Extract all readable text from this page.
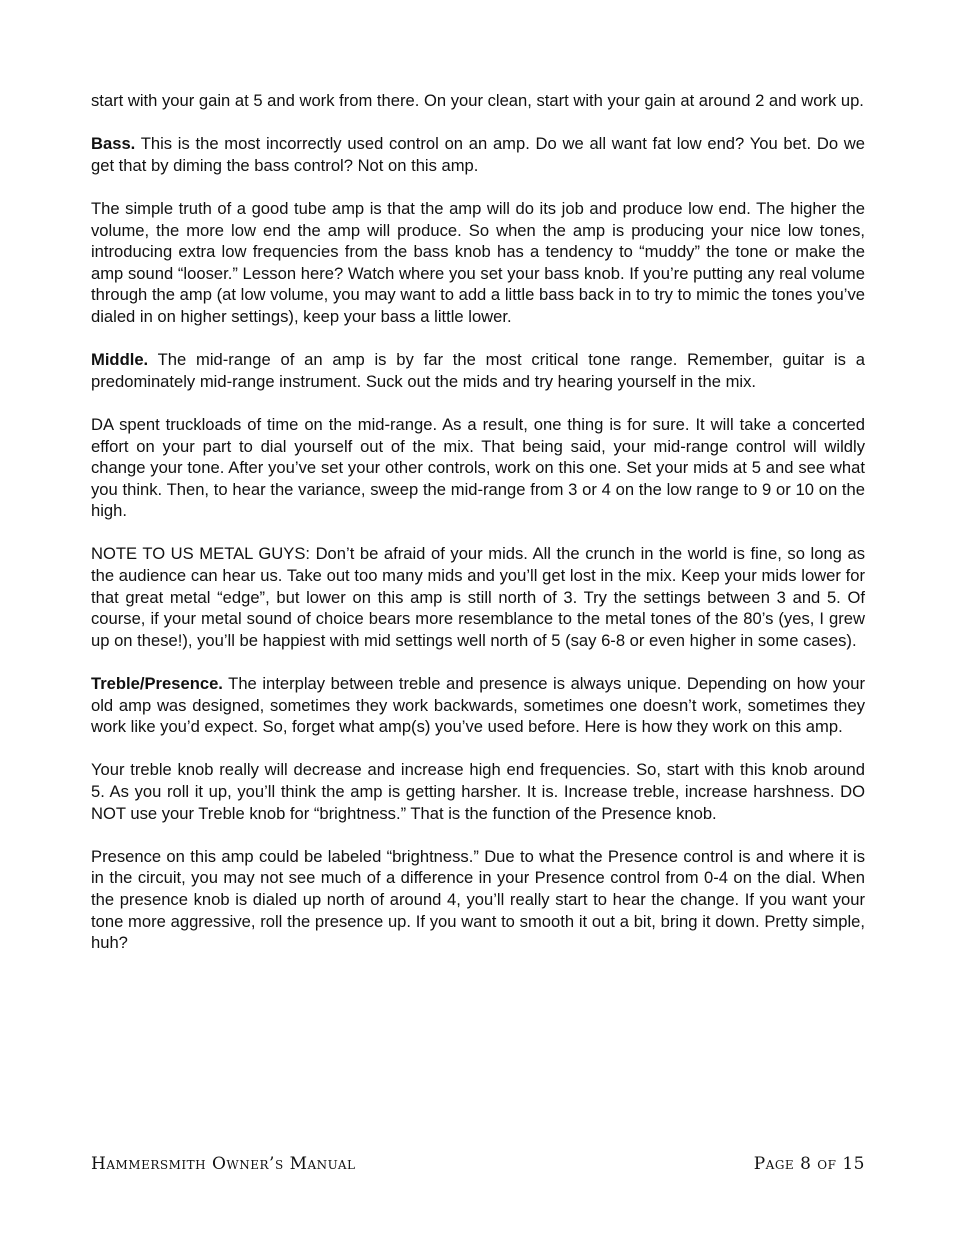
start with your gain at 5 and work from there. On your clean, start with your gain at around 2 and work up.

Bass. This is the most incorrectly used control on an amp. Do we all want fat low end? You bet. Do we get that by diming the bass control? Not on this amp.

The simple truth of a good tube amp is that the amp will do its job and produce low end. The higher the volume, the more low end the amp will produce. So when the amp is producing your nice low tones, introducing extra low frequencies from the bass knob has a tendency to “muddy” the tone or make the amp sound “looser.” Lesson here? Watch where you set your bass knob. If you’re putting any real volume through the amp (at low volume, you may want to add a little bass back in to try to mimic the tones you’ve dialed in on higher settings), keep your bass a little lower.

Middle. The mid-range of an amp is by far the most critical tone range. Remember, guitar is a predominately mid-range instrument. Suck out the mids and try hearing yourself in the mix.

DA spent truckloads of time on the mid-range. As a result, one thing is for sure. It will take a concerted effort on your part to dial yourself out of the mix. That being said, your mid-range control will wildly change your tone. After you’ve set your other controls, work on this one. Set your mids at 5 and see what you think. Then, to hear the variance, sweep the mid-range from 3 or 4 on the low range to 9 or 10 on the high.

NOTE TO US METAL GUYS: Don’t be afraid of your mids. All the crunch in the world is fine, so long as the audience can hear us. Take out too many mids and you’ll get lost in the mix. Keep your mids lower for that great metal “edge”, but lower on this amp is still north of 3. Try the settings between 3 and 5. Of course, if your metal sound of choice bears more resemblance to the metal tones of the 80’s (yes, I grew up on these!), you’ll be happiest with mid settings well north of 5 (say 6-8 or even higher in some cases).

Treble/Presence. The interplay between treble and presence is always unique. Depending on how your old amp was designed, sometimes they work backwards, sometimes one doesn’t work, sometimes they work like you’d expect. So, forget what amp(s) you’ve used before. Here is how they work on this amp.

Your treble knob really will decrease and increase high end frequencies. So, start with this knob around 5. As you roll it up, you’ll think the amp is getting harsher. It is. Increase treble, increase harshness. DO NOT use your Treble knob for “brightness.” That is the function of the Presence knob.

Presence on this amp could be labeled “brightness.” Due to what the Presence control is and where it is in the circuit, you may not see much of a difference in your Presence control from 0-4 on the dial. When the presence knob is dialed up north of around 4, you’ll really start to hear the change. If you want your tone more aggressive, roll the presence up. If you want to smooth it out a bit, bring it down. Pretty simple, huh?

Hammersmith Owner’s Manual	Page 8 of 15
